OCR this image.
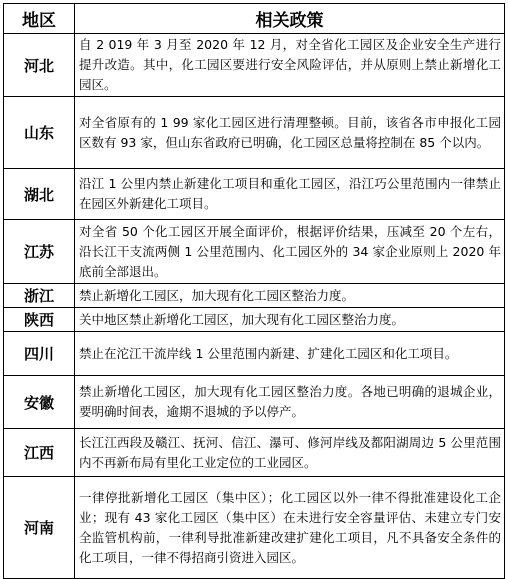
地区	相关政策
河北	自 2 019 年 3 月至 2020 年 12 月，对全省化工园区及企业安全生产进行提升改造。其中，化工园区要进行安全风险评估，并从原则上禁止新增化工园区。
山东	对全省原有的 1 99 家化工园区进行清理整顿。目前，该省各市申报化工园区数有 93 家，但山东省政府已明确，化工园区总量将控制在 85 个以内。
湖北	沿江 1 公里内禁止新建化工项目和重化工园区，沿江巧公里范围内一律禁止在园区外新建化工项目。
江苏	对全省 50 个化工园区开展全面评价，根据评价结果，压减至 20 个左右，沿长江干支流两侧 1 公里范围内、化工园区外的 34 家企业原则上 2020 年底前全部退出。
浙江	禁止新增化工园区，加大现有化工园区整治力度。
陕西	关中地区禁止新增化工园区，加大现有化工园区整治力度。
四川	禁止在沱江干流岸线 1 公里范围内新建、扩建化工园区和化工项目。
安徽	禁止新增化工园区，加大现有化工园区整治力度。各地已明确的退城企业，要明确时间表，逾期不退城的予以停产。
江西	长江江西段及赣江、抚河、信江、瀑可、修河岸线及都阳湖周边 5 公里范围内不再新布局有里化工业定位的工业园区。
河南	一律停批新增化工园区（集中区）；化工园区以外一律不得批准建设化工企业；现有 43 家化工园区（集中区）在未进行安全容量评估、未建立专门安全监管机构前，一律利导批准新建改建扩建化工项目，凡不具备安全条件的化工项目，一律不得招商引资进入园区。
